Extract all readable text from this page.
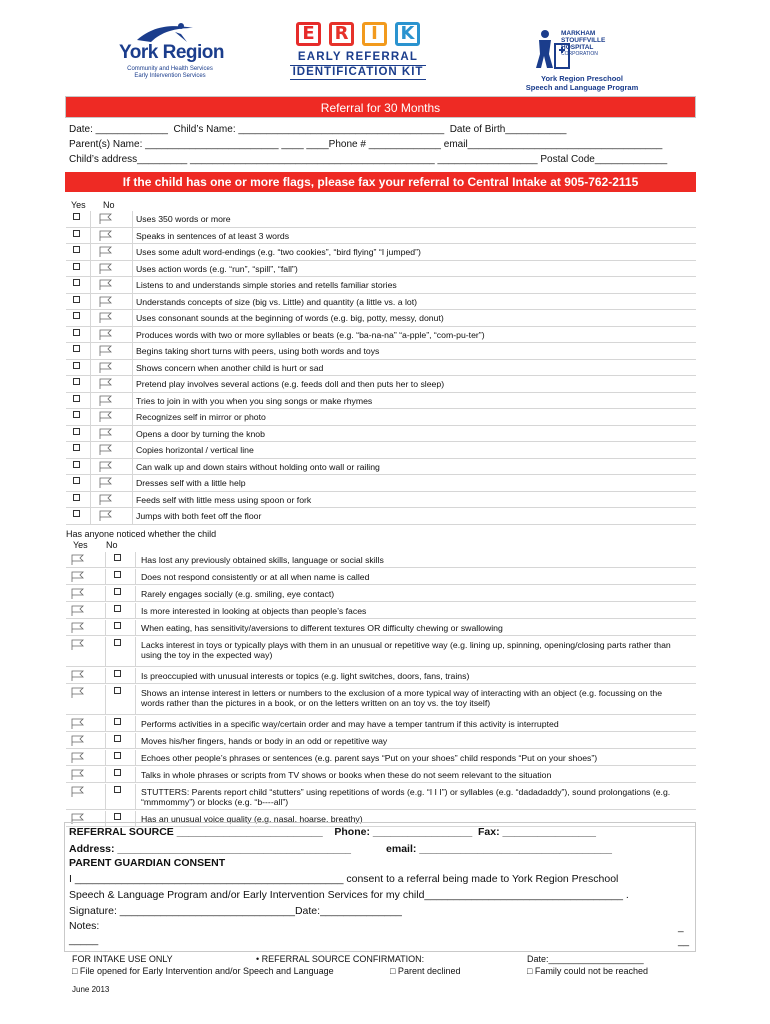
York Region
Community and Health Services
Early Intervention Services
E	R	I	K
EARLY REFERRAL
IDENTIFICATION KIT
MARKHAM
STOUFFVILLE
HOSPITAL
CORPORATION
York Region Preschool
Speech and Language Program
Referral for 30 Months
Date: _____________  Child’s Name: _____________________________________  Date of Birth___________
Parent(s) Name: ________________________ ____ ____Phone # _____________ email___________________________________
Child’s address_________ ____________________________________________ __________________ Postal Code_____________
If the child has one or more flags, please fax your referral to Central Intake at 905-762-2115
Yes No
Uses 350 words or more
Speaks in sentences of at least 3 words
Uses some adult word-endings (e.g. “two cookies”, “bird flying” “I jumped”)
Uses action words (e.g. “run”, “spill”, “fall”)
Listens to and understands simple stories and retells familiar stories
Understands concepts of size (big vs. Little) and quantity (a little vs. a lot)
Uses consonant sounds at the beginning of words (e.g. big, potty, messy, donut)
Produces words with two or more syllables or beats (e.g. “ba-na-na” “a-pple”, “com-pu-ter”)
Begins taking short turns with peers, using both words and toys
Shows concern when another child is hurt or sad
Pretend play involves several actions (e.g. feeds doll and then puts her to sleep)
Tries to join in with you when you sing songs or make rhymes
Recognizes self in mirror or photo
Opens a door by turning the knob
Copies horizontal / vertical line
Can walk up and down stairs without holding onto wall or railing
Dresses self with a little help
Feeds self with little mess using spoon or fork
Jumps with both feet off the floor
Has anyone noticed whether the child
Yes No
Has lost any previously obtained skills, language or social skills
Does not respond consistently or at all when name is called
Rarely engages socially (e.g. smiling, eye contact)
Is more interested in looking at objects than people’s faces
When eating, has sensitivity/aversions to different textures OR difficulty chewing or swallowing
Lacks interest in toys or typically plays with them in an unusual or repetitive way (e.g. lining up, spinning, opening/closing parts rather than using the toy in the expected way)
Is preoccupied with unusual interests or topics (e.g. light switches, doors, fans, trains)
Shows an intense interest in letters or numbers to the exclusion of a more typical way of interacting with an object (e.g. focussing on the words rather than the pictures in a book, or on the letters written on an toy vs. the toy itself)
Performs activities in a specific way/certain order and may have a temper tantrum if this activity is interrupted
Moves his/her fingers, hands or body in an odd or repetitive way
Echoes other people’s phrases or sentences (e.g. parent says “Put on your shoes” child responds “Put on your shoes”)
Talks in whole phrases or scripts from TV shows or books when these do not seem relevant to the situation
STUTTERS: Parents report child “stutters” using repetitions of words (e.g. “I I I”) or syllables (e.g. “dadadaddy”), sound prolongations (e.g. “mmmommy”) or blocks (e.g. “b----all”)
Has an unusual voice quality (e.g. nasal, hoarse, breathy)
REFERRAL SOURCE _________________________    Phone: _________________  Fax: ________________
Address: ________________________________________            email: _________________________________
PARENT GUARDIAN CONSENT
I ______________________________________________ consent to a referral being made to York Region Preschool
Speech & Language Program and/or Early Intervention Services for my child__________________________________ .
Signature: ______________________________Date:______________
Notes:
_____
_
__
FOR INTAKE USE ONLY	• REFERRAL SOURCE CONFIRMATION:	Date:___________________
□ File opened for Early Intervention and/or Speech and Language	□ Parent declined	□ Family could not be reached
June 2013
